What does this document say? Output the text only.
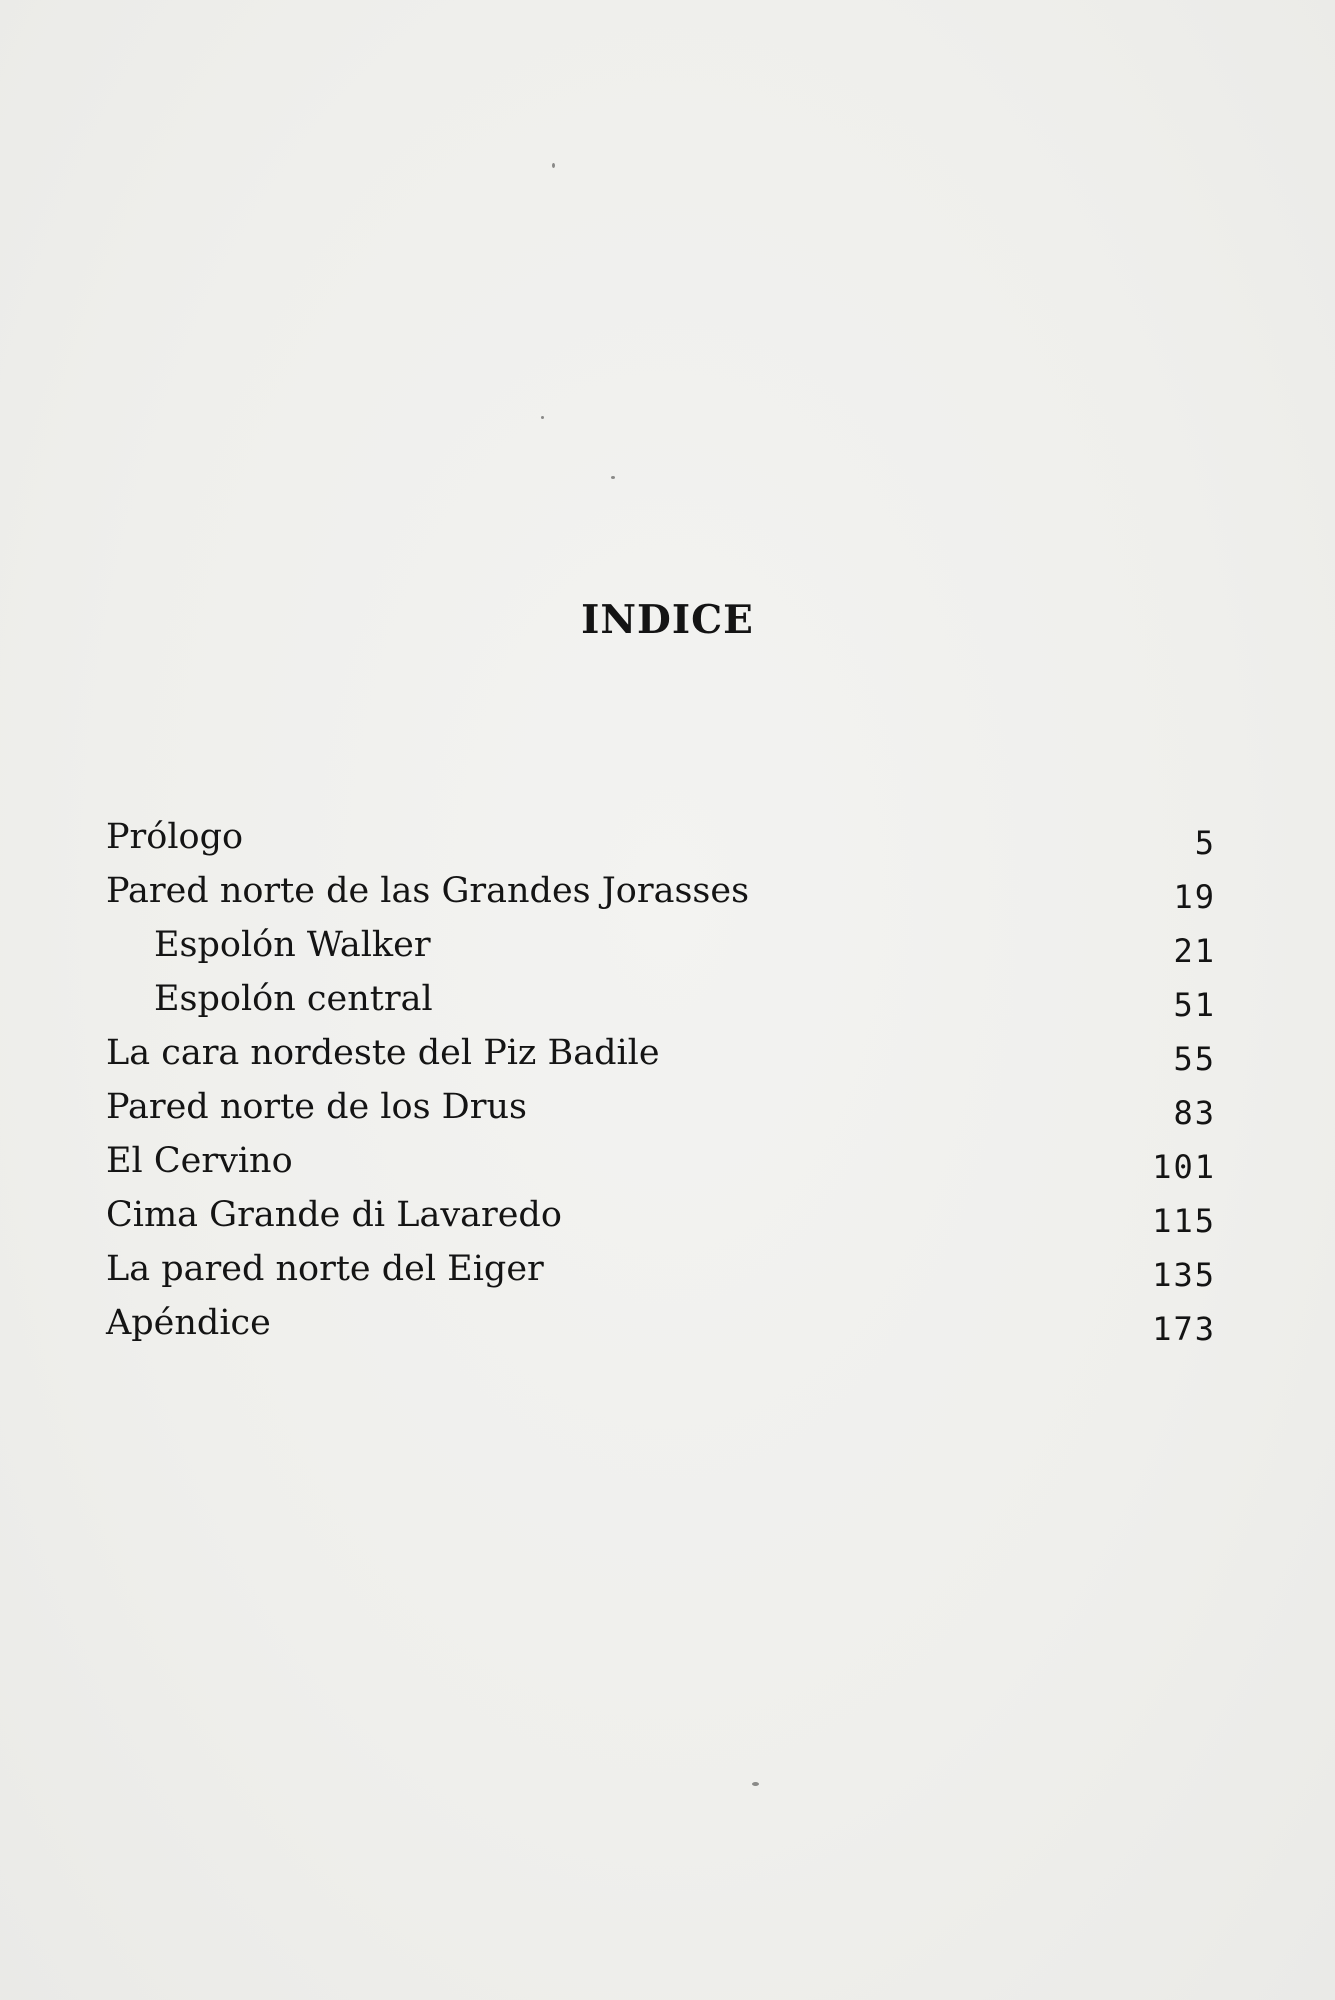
INDICE
Prólogo	5
Pared norte de las Grandes Jorasses	19
Espolón Walker	21
Espolón central	51
La cara nordeste del Piz Badile	55
Pared norte de los Drus	83
El Cervino	101
Cima Grande di Lavaredo	115
La pared norte del Eiger	135
Apéndice	173
